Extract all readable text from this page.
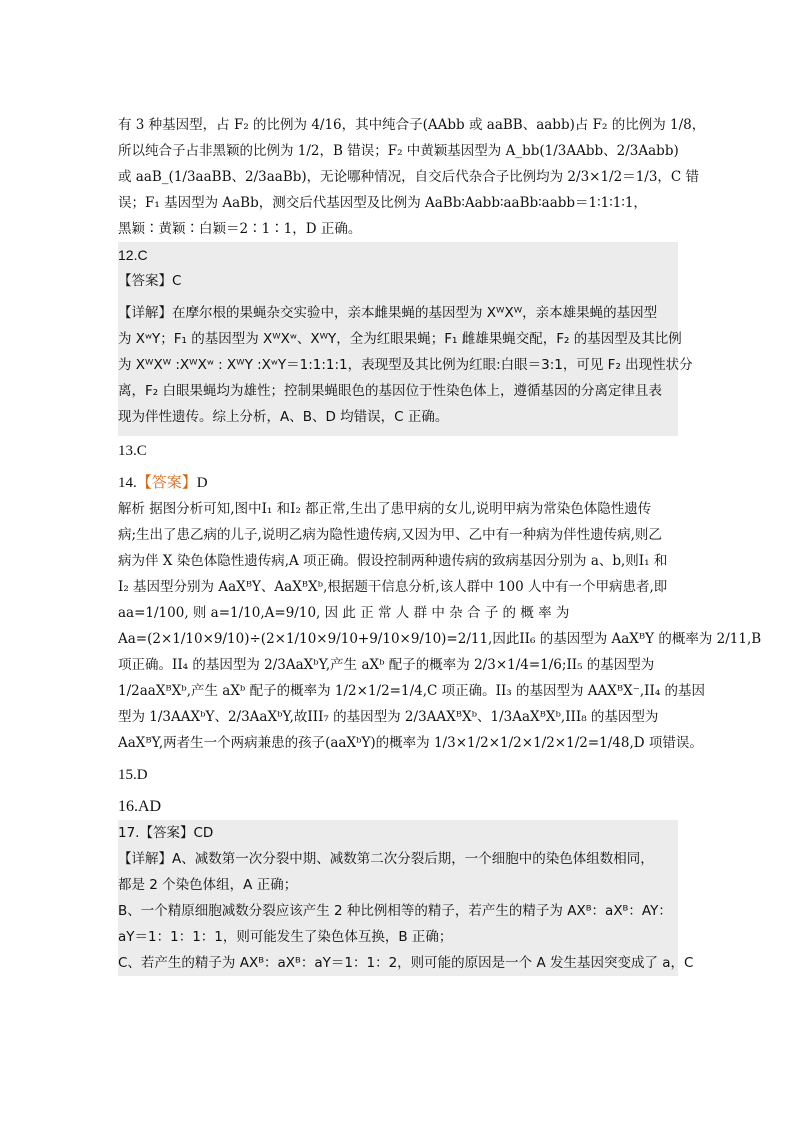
有 3 种基因型，占 F₂ 的比例为 4/16，其中纯合子(AAbb 或 aaBB、aabb)占 F₂ 的比例为 1/8，
所以纯合子占非黑颖的比例为 1/2，B 错误；F₂ 中黄颖基因型为 A_bb(1/3AAbb、2/3Aabb)
或 aaB_(1/3aaBB、2/3aaBb)，无论哪种情况，自交后代杂合子比例均为 2/3×1/2＝1/3，C 错
误；F₁ 基因型为 AaBb，测交后代基因型及比例为 AaBb∶Aabb∶aaBb∶aabb＝1∶1∶1∶1，
黑颖∶黄颖∶白颖＝2∶1∶1，D 正确。
12.C
【答案】C
【详解】在摩尔根的果蝇杂交实验中，亲本雌果蝇的基因型为 XᵂXᵂ，亲本雄果蝇的基因型
为 XʷY；F₁ 的基因型为 XᵂXʷ、XᵂY，全为红眼果蝇；F₁ 雌雄果蝇交配，F₂ 的基因型及其比例
为 XᵂXᵂ :XᵂXʷ : XᵂY :XʷY＝1:1:1:1，表现型及其比例为红眼:白眼＝3:1，可见 F₂ 出现性状分
离，F₂ 白眼果蝇均为雄性；控制果蝇眼色的基因位于性染色体上，遵循基因的分离定律且表
现为伴性遗传。综上分析，A、B、D 均错误，C 正确。
13.C
14.【答案】D
解析 据图分析可知,图中I₁ 和I₂ 都正常,生出了患甲病的女儿,说明甲病为常染色体隐性遗传
病;生出了患乙病的儿子,说明乙病为隐性遗传病,又因为甲、乙中有一种病为伴性遗传病,则乙
病为伴 X 染色体隐性遗传病,A 项正确。假设控制两种遗传病的致病基因分别为 a、b,则I₁ 和
I₂ 基因型分别为 AaXᴮY、AaXᴮXᵇ,根据题干信息分析,该人群中 100 人中有一个甲病患者,即
aa=1/100, 则 a=1/10,A=9/10, 因 此 正 常 人 群 中 杂 合 子 的 概 率 为
Aa=(2×1/10×9/10)÷(2×1/10×9/10+9/10×9/10)=2/11,因此II₆ 的基因型为 AaXᴮY 的概率为 2/11,B
项正确。II₄ 的基因型为 2/3AaXᵇY,产生 aXᵇ 配子的概率为 2/3×1/4=1/6;II₅ 的基因型为
1/2aaXᴮXᵇ,产生 aXᵇ 配子的概率为 1/2×1/2=1/4,C 项正确。II₃ 的基因型为 AAXᴮX⁻,II₄ 的基因
型为 1/3AAXᵇY、2/3AaXᵇY,故III₇ 的基因型为 2/3AAXᴮXᵇ、1/3AaXᴮXᵇ,III₈ 的基因型为
AaXᴮY,两者生一个两病兼患的孩子(aaXᵇY)的概率为 1/3×1/2×1/2×1/2×1/2=1/48,D 项错误。
15.D
16.AD
17.【答案】CD
【详解】A、减数第一次分裂中期、减数第二次分裂后期，一个细胞中的染色体组数相同，
都是 2 个染色体组，A 正确；
B、一个精原细胞减数分裂应该产生 2 种比例相等的精子，若产生的精子为 AXᴮ：aXᴮ：AY：
aY＝1：1：1：1，则可能发生了染色体互换，B 正确；
C、若产生的精子为 AXᴮ：aXᴮ：aY＝1：1：2，则可能的原因是一个 A 发生基因突变成了 a，C
